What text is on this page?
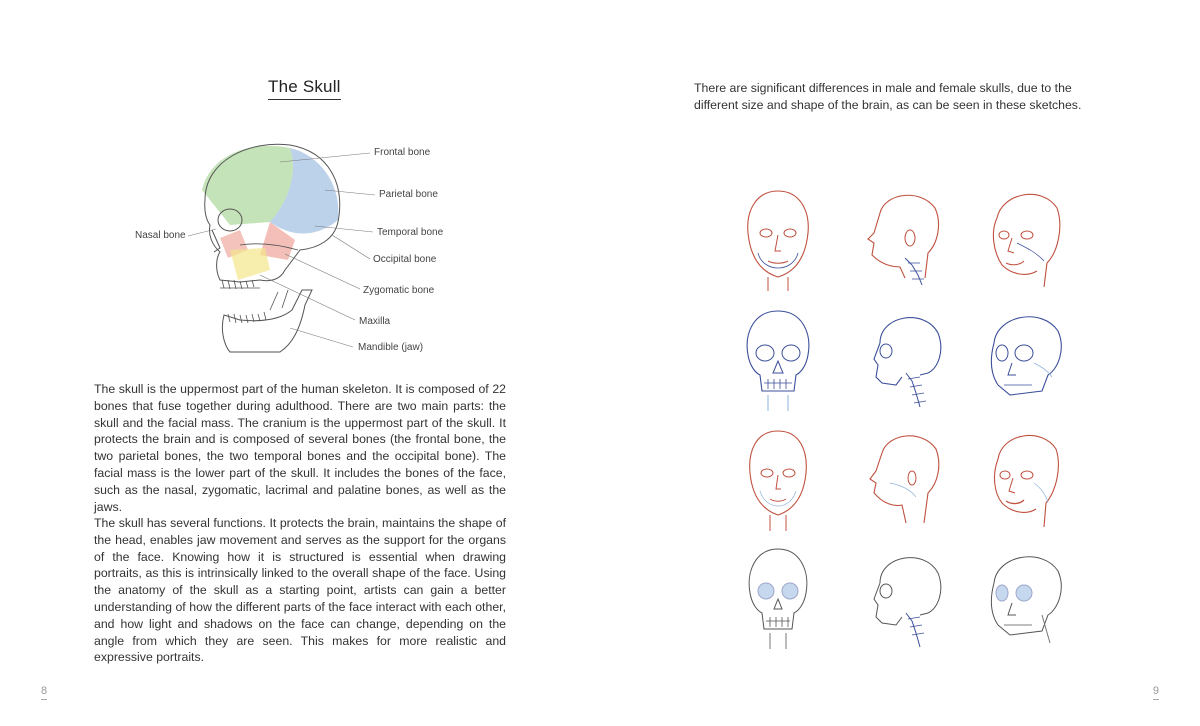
The Skull
Frontal bone
Parietal bone
Nasal bone	Temporal bone
Occipital bone
Zygomatic bone
Maxilla
Mandible (jaw)

The skull is the uppermost part of the human skeleton. It is composed of 22 bones that fuse together during adulthood. There are two main parts: the skull and the facial mass. The cranium is the uppermost part of the skull. It protects the brain and is composed of several bones (the frontal bone, the two parietal bones, the two temporal bones and the occipital bone). The facial mass is the lower part of the skull. It includes the bones of the face, such as the nasal, zygomatic, lacrimal and palatine bones, as well as the jaws.

The skull has several functions. It protects the brain, maintains the shape of the head, enables jaw movement and serves as the support for the organs of the face. Knowing how it is structured is essential when drawing portraits, as this is intrinsically linked to the overall shape of the face. Using the anatomy of the skull as a starting point, artists can gain a better understanding of how the different parts of the face interact with each other, and how light and shadows on the face can change, depending on the angle from which they are seen. This makes for more realistic and expressive portraits.

8

There are significant differences in male and female skulls, due to the different size and shape of the brain, as can be seen in these sketches.

9
